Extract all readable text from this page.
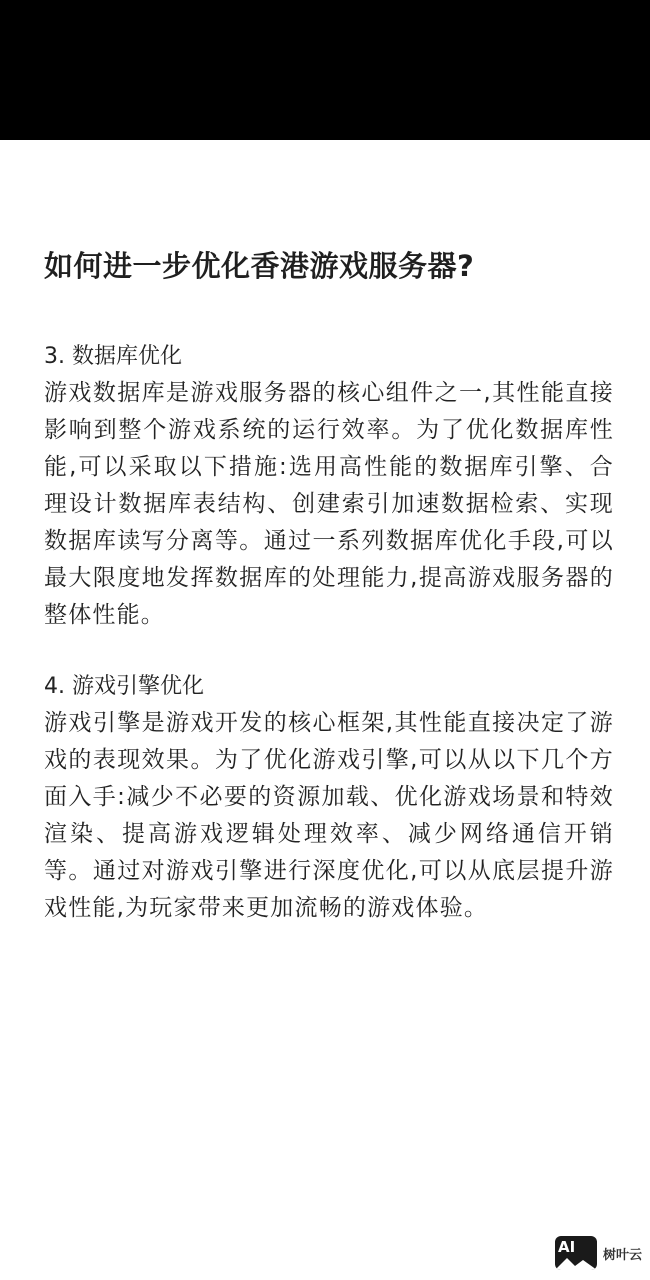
如何进一步优化香港游戏服务器?
3. 数据库优化

游戏数据库是游戏服务器的核心组件之一,其性能直接影响到整个游戏系统的运行效率。为了优化数据库性能,可以采取以下措施:选用高性能的数据库引擎、合理设计数据库表结构、创建索引加速数据检索、实现数据库读写分离等。通过一系列数据库优化手段,可以最大限度地发挥数据库的处理能力,提高游戏服务器的整体性能。

4. 游戏引擎优化

游戏引擎是游戏开发的核心框架,其性能直接决定了游戏的表现效果。为了优化游戏引擎,可以从以下几个方面入手:减少不必要的资源加载、优化游戏场景和特效渲染、提高游戏逻辑处理效率、减少网络通信开销等。通过对游戏引擎进行深度优化,可以从底层提升游戏性能,为玩家带来更加流畅的游戏体验。

AI 树叶云
